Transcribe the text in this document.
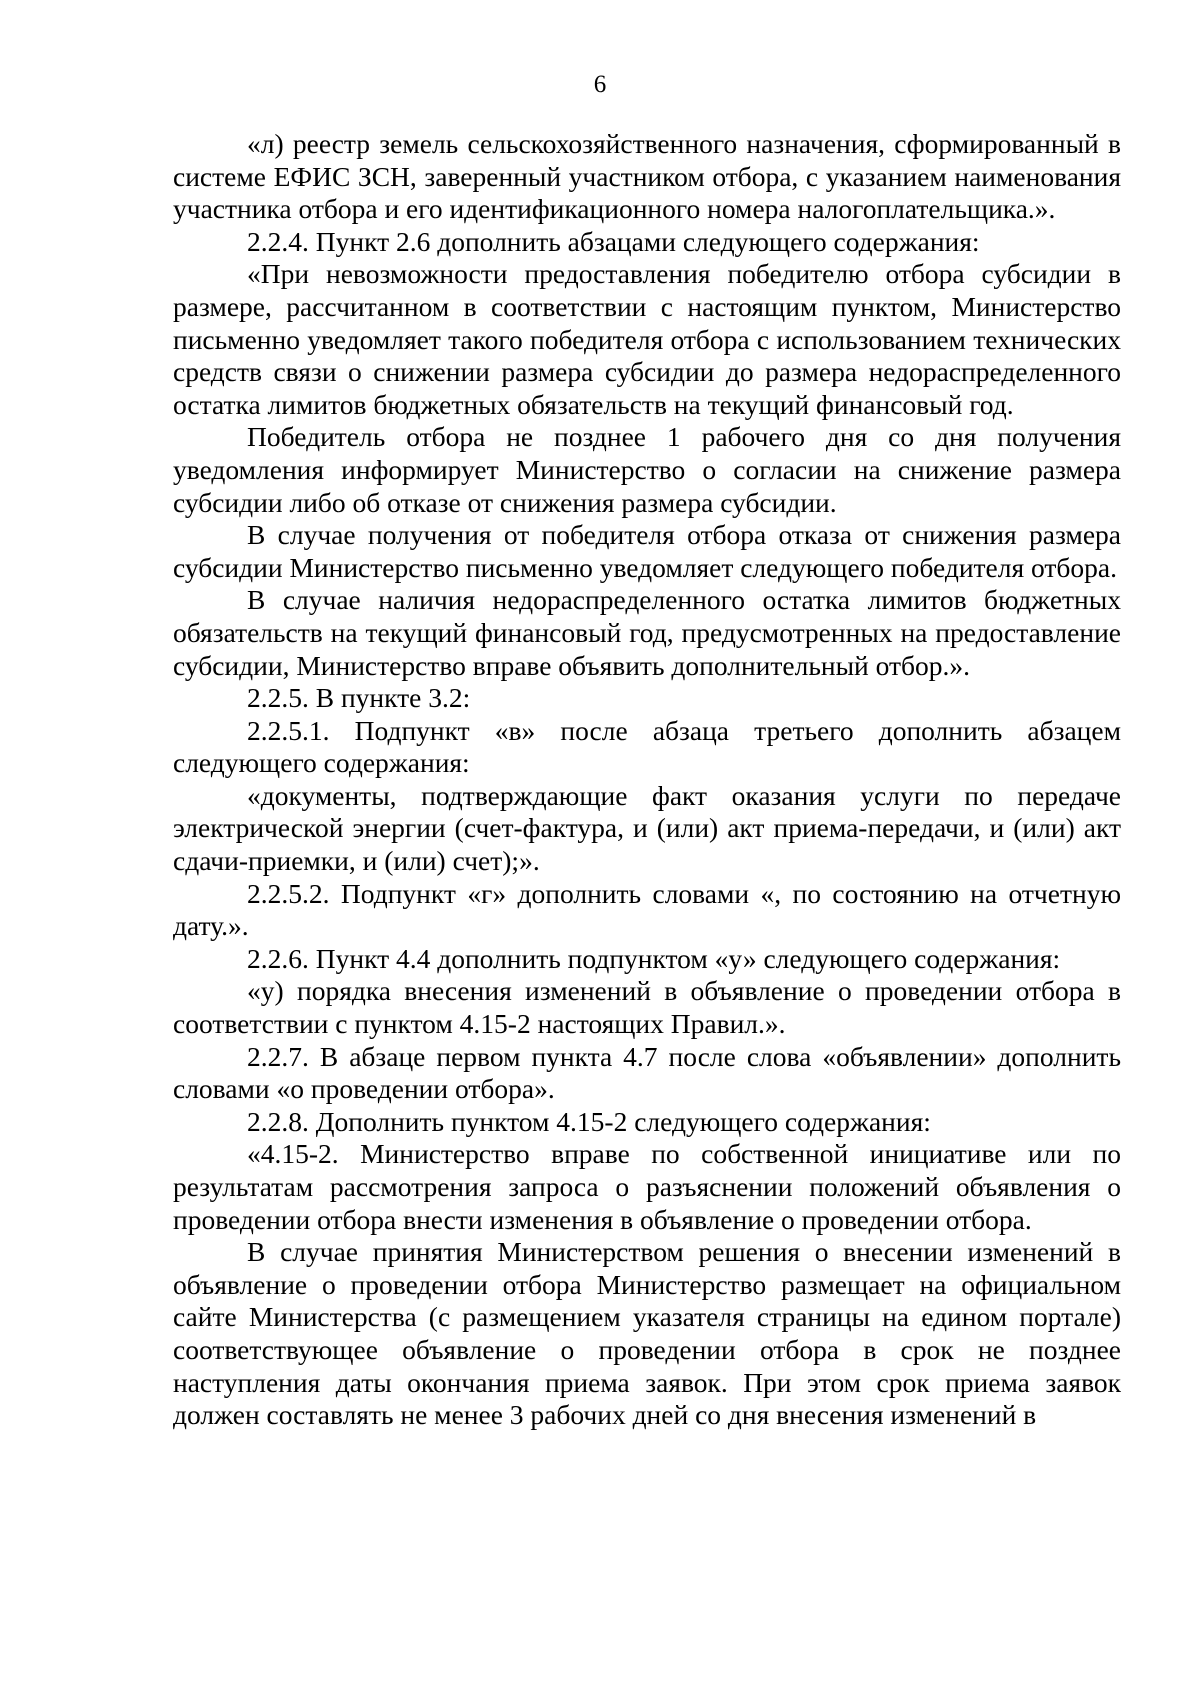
6

«л) реестр земель сельскохозяйственного назначения, сформированный в системе ЕФИС ЗСН, заверенный участником отбора, с указанием наименования участника отбора и его идентификационного номера налогоплательщика.».

2.2.4. Пункт 2.6 дополнить абзацами следующего содержания:

«При невозможности предоставления победителю отбора субсидии в размере, рассчитанном в соответствии с настоящим пунктом, Министерство письменно уведомляет такого победителя отбора с использованием технических средств связи о снижении размера субсидии до размера недораспределенного остатка лимитов бюджетных обязательств на текущий финансовый год.

Победитель отбора не позднее 1 рабочего дня со дня получения уведомления информирует Министерство о согласии на снижение размера субсидии либо об отказе от снижения размера субсидии.

В случае получения от победителя отбора отказа от снижения размера субсидии Министерство письменно уведомляет следующего победителя отбора.

В случае наличия недораспределенного остатка лимитов бюджетных обязательств на текущий финансовый год, предусмотренных на предоставление субсидии, Министерство вправе объявить дополнительный отбор.».

2.2.5. В пункте 3.2:

2.2.5.1. Подпункт «в» после абзаца третьего дополнить абзацем следующего содержания:

«документы, подтверждающие факт оказания услуги по передаче электрической энергии (счет-фактура, и (или) акт приема-передачи, и (или) акт сдачи-приемки, и (или) счет);».

2.2.5.2. Подпункт «г» дополнить словами «, по состоянию на отчетную дату.».

2.2.6. Пункт 4.4 дополнить подпунктом «у» следующего содержания:

«у) порядка внесения изменений в объявление о проведении отбора в соответствии с пунктом 4.15-2 настоящих Правил.».

2.2.7. В абзаце первом пункта 4.7 после слова «объявлении» дополнить словами «о проведении отбора».

2.2.8. Дополнить пунктом 4.15-2 следующего содержания:

«4.15-2. Министерство вправе по собственной инициативе или по результатам рассмотрения запроса о разъяснении положений объявления о проведении отбора внести изменения в объявление о проведении отбора.

В случае принятия Министерством решения о внесении изменений в объявление о проведении отбора Министерство размещает на официальном сайте Министерства (с размещением указателя страницы на едином портале) соответствующее объявление о проведении отбора в срок не позднее наступления даты окончания приема заявок. При этом срок приема заявок должен составлять не менее 3 рабочих дней со дня внесения изменений в
